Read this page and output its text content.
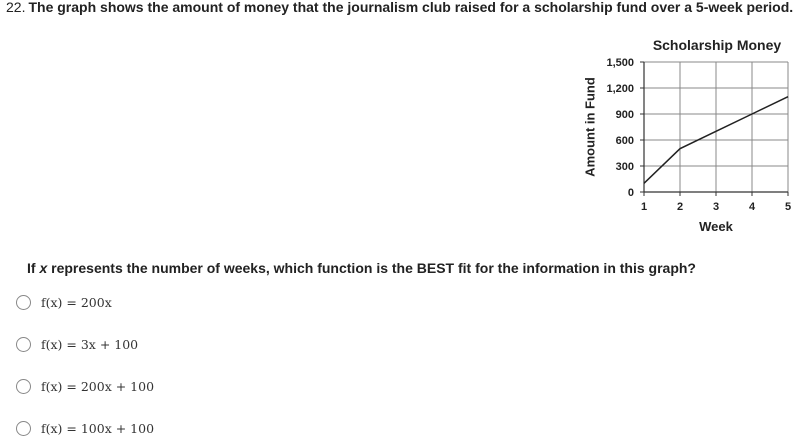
22. The graph shows the amount of money that the journalism club raised for a scholarship fund over a 5-week period.
Scholarship Money
Amount in Fund
Week
1	2	3	4	5
0
300
600
900
1,200
1,500
If x represents the number of weeks, which function is the BEST fit for the information in this graph?
f(x) = 200x
f(x) = 3x + 100
f(x) = 200x + 100
f(x) = 100x + 100
